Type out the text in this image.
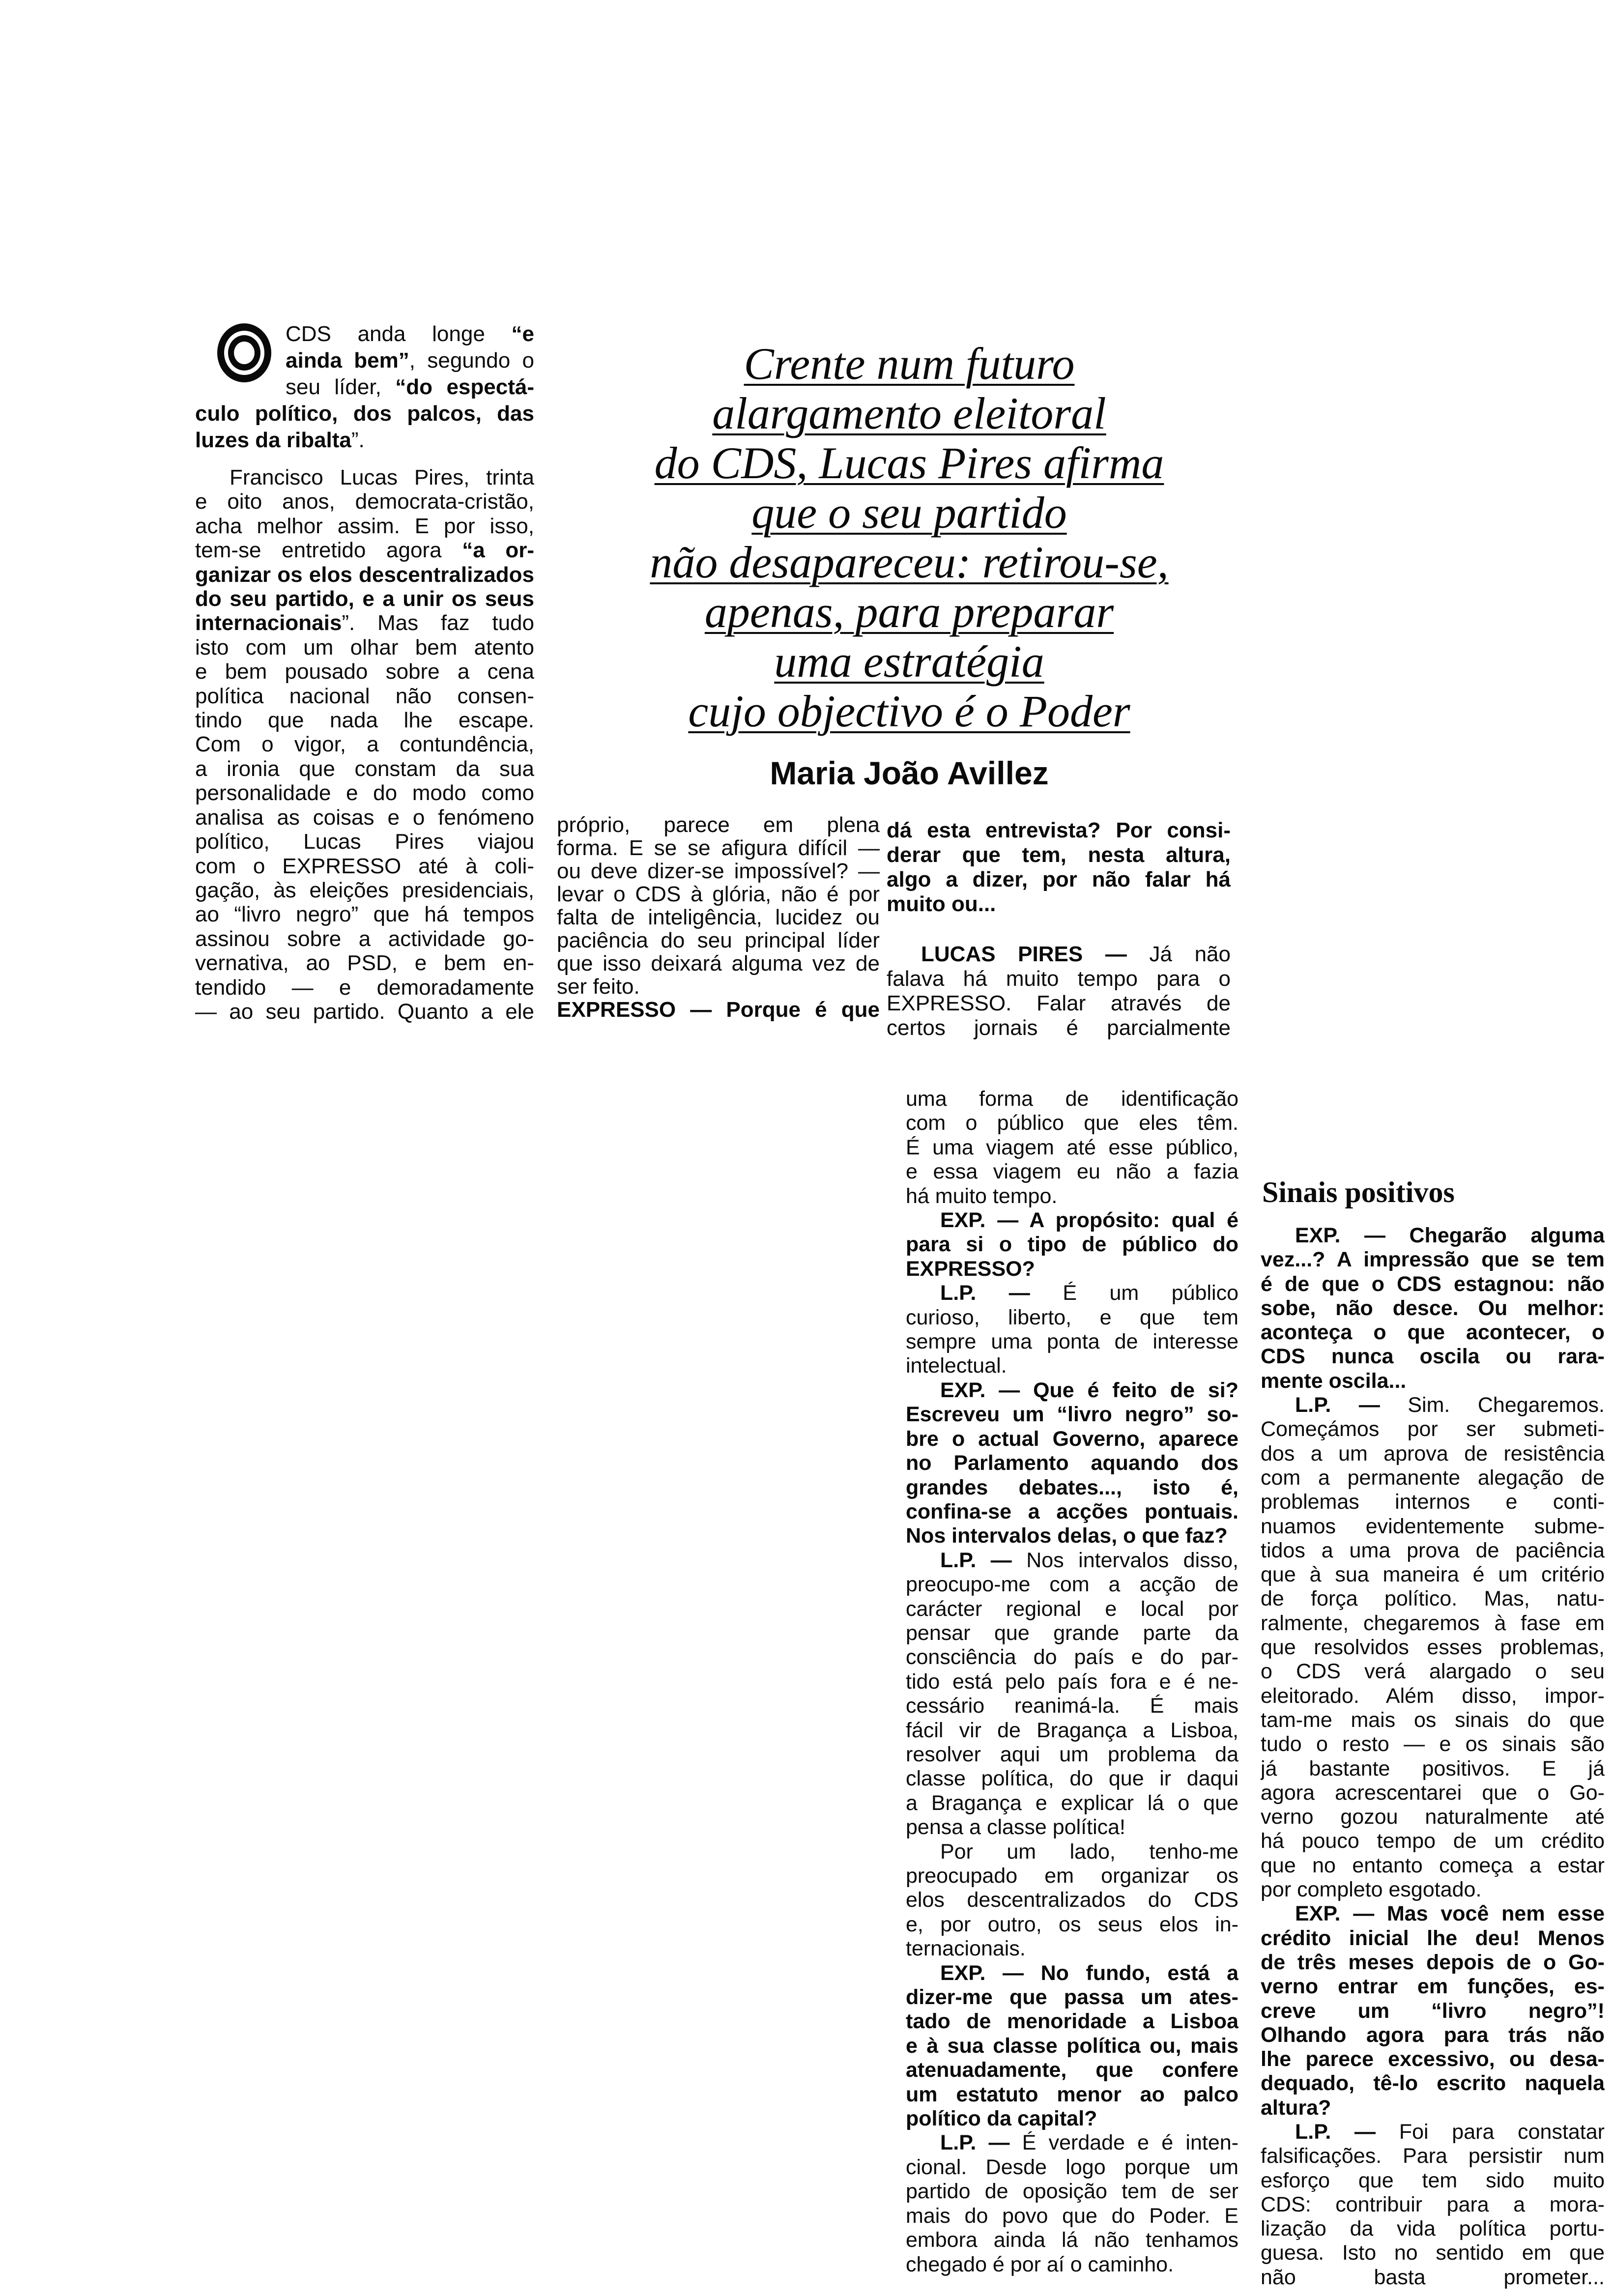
Crente num futuro
alargamento eleitoral
do CDS, Lucas Pires afirma
que o seu partido
não desapareceu: retirou-se,
apenas, para preparar
uma estratégia
cujo objectivo é o Poder
Maria João Avillez
CDS anda longe “e
ainda bem”, segundo o
seu líder, “do espectá-
culo político, dos palcos, das
luzes da ribalta”.
Francisco Lucas Pires, trinta
e oito anos, democrata-cristão,
acha melhor assim. E por isso,
tem-se entretido agora “a or-
ganizar os elos descentralizados
do seu partido, e a unir os seus
internacionais”. Mas faz tudo
isto com um olhar bem atento
e bem pousado sobre a cena
política nacional não consen-
tindo que nada lhe escape.
Com o vigor, a contundência,
a ironia que constam da sua
personalidade e do modo como
analisa as coisas e o fenómeno
político, Lucas Pires viajou
com o EXPRESSO até à coli-
gação, às eleições presidenciais,
ao “livro negro” que há tempos
assinou sobre a actividade go-
vernativa, ao PSD, e bem en-
tendido — e demoradamente
— ao seu partido. Quanto a ele
próprio, parece em plena
forma. E se se afigura difícil —
ou deve dizer-se impossível? —
levar o CDS à glória, não é por
falta de inteligência, lucidez ou
paciência do seu principal líder
que isso deixará alguma vez de
ser feito.
EXPRESSO — Porque é que
dá esta entrevista? Por consi-
derar que tem, nesta altura,
algo a dizer, por não falar há
muito ou...
LUCAS PIRES — Já não
falava há muito tempo para o
EXPRESSO. Falar através de
certos jornais é parcialmente
uma forma de identificação
com o público que eles têm.
É uma viagem até esse público,
e essa viagem eu não a fazia
há muito tempo.
EXP. — A propósito: qual é
para si o tipo de público do
EXPRESSO?
L.P. — É um público
curioso, liberto, e que tem
sempre uma ponta de interesse
intelectual.
EXP. — Que é feito de si?
Escreveu um “livro negro” so-
bre o actual Governo, aparece
no Parlamento aquando dos
grandes debates..., isto é,
confina-se a acções pontuais.
Nos intervalos delas, o que faz?
L.P. — Nos intervalos disso,
preocupo-me com a acção de
carácter regional e local por
pensar que grande parte da
consciência do país e do par-
tido está pelo país fora e é ne-
cessário reanimá-la. É mais
fácil vir de Bragança a Lisboa,
resolver aqui um problema da
classe política, do que ir daqui
a Bragança e explicar lá o que
pensa a classe política!
Por um lado, tenho-me
preocupado em organizar os
elos descentralizados do CDS
e, por outro, os seus elos in-
ternacionais.
EXP. — No fundo, está a
dizer-me que passa um ates-
tado de menoridade a Lisboa
e à sua classe política ou, mais
atenuadamente, que confere
um estatuto menor ao palco
político da capital?
L.P. — É verdade e é inten-
cional. Desde logo porque um
partido de oposição tem de ser
mais do povo que do Poder. E
embora ainda lá não tenhamos
chegado é por aí o caminho.
Sinais positivos
EXP. — Chegarão alguma
vez...? A impressão que se tem
é de que o CDS estagnou: não
sobe, não desce. Ou melhor:
aconteça o que acontecer, o
CDS nunca oscila ou rara-
mente oscila...
L.P. — Sim. Chegaremos.
Começámos por ser submeti-
dos a um aprova de resistência
com a permanente alegação de
problemas internos e conti-
nuamos evidentemente subme-
tidos a uma prova de paciência
que à sua maneira é um critério
de força político. Mas, natu-
ralmente, chegaremos à fase em
que resolvidos esses problemas,
o CDS verá alargado o seu
eleitorado. Além disso, impor-
tam-me mais os sinais do que
tudo o resto — e os sinais são
já bastante positivos. E já
agora acrescentarei que o Go-
verno gozou naturalmente até
há pouco tempo de um crédito
que no entanto começa a estar
por completo esgotado.
EXP. — Mas você nem esse
crédito inicial lhe deu! Menos
de três meses depois de o Go-
verno entrar em funções, es-
creve um “livro negro”!
Olhando agora para trás não
lhe parece excessivo, ou desa-
dequado, tê-lo escrito naquela
altura?
L.P. — Foi para constatar
falsificações. Para persistir num
esforço que tem sido muito
CDS: contribuir para a mora-
lização da vida política portu-
guesa. Isto no sentido em que
não basta prometer...
